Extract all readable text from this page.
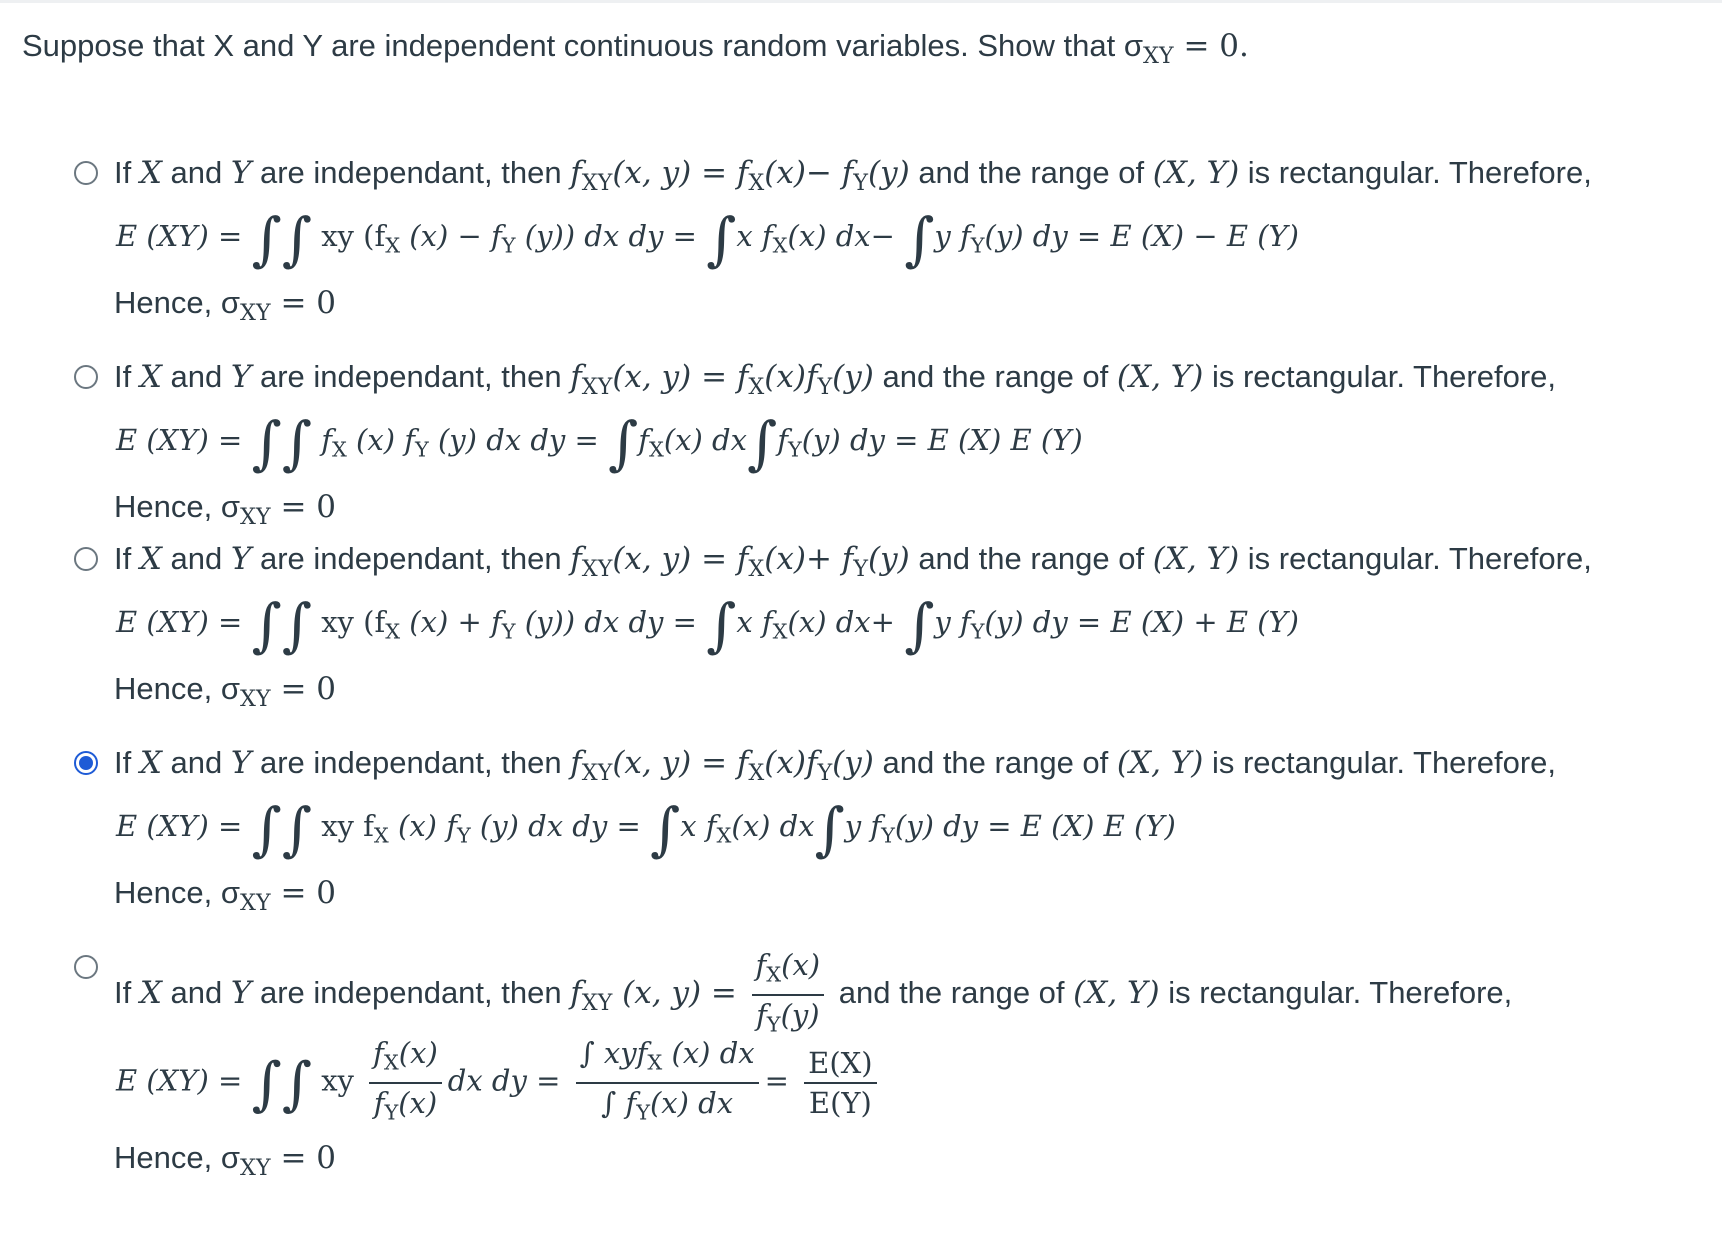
Suppose that X and Y are independent continuous random variables. Show that $\sigma_{XY} = 0$.
If X and Y are independant, then $f_{XY}(x$, $y) = f_X(x)- f_Y(y)$ and the range of (X, Y) is rectangular. Therefore,
E (XY) = ∫∫ xy ($f_X$ $(x) - f_Y$ (y)) dx dy = ∫x $f_X(x)$ dx− ∫y $f_Y(y)$ dy = E (X) − E (Y)
Hence, $\sigma_{XY} = 0$
If X and Y are independant, then $f_{XY}(x$, $y) = f_X(x)f_Y(y)$ and the range of (X, Y) is rectangular. Therefore,
E (XY) = ∫∫ $f_X$ (x) $f_Y$ (y) dx dy = $\int f_X(x)$ $dx\int f_Y(y)$ dy = E (X) E (Y)
Hence, $\sigma_{XY} = 0$
If X and Y are independant, then $f_{XY}(x$, $y) = f_X(x)+ f_Y(y)$ and the range of (X, Y) is rectangular. Therefore,
E (XY) = ∫∫ xy ($f_X$ $(x) + f_Y$ (y)) dx dy = ∫x $f_X(x)$ dx+ ∫y $f_Y(y)$ dy = E (X) + E (Y)
Hence, $\sigma_{XY} = 0$
If X and Y are independant, then $f_{XY}(x$, $y) = f_X(x)f_Y(y)$ and the range of (X, Y) is rectangular. Therefore,
E (XY) = ∫∫ xy $f_X$ (x) $f_Y$ (y) dx dy = ∫x $f_X(x)$ dx∫y $f_Y(y)$ dy = E (X) E (Y)
Hence, $\sigma_{XY} = 0$
If X and Y are independant, then $f_{XY}$ (x, $y) = \frac{f_X(x)}{f_Y(y)}$ and the range of (X, Y) is rectangular. Therefore,
E (XY) = ∫∫ xy $\frac{f_X(x)}{f_Y(x)}$ dx dy = $\frac{\int xyf_X (x) dx}{\int f_Y(x) dx} = \frac{E(X)}{E(Y)}$
Hence, $\sigma_{XY} = 0$
